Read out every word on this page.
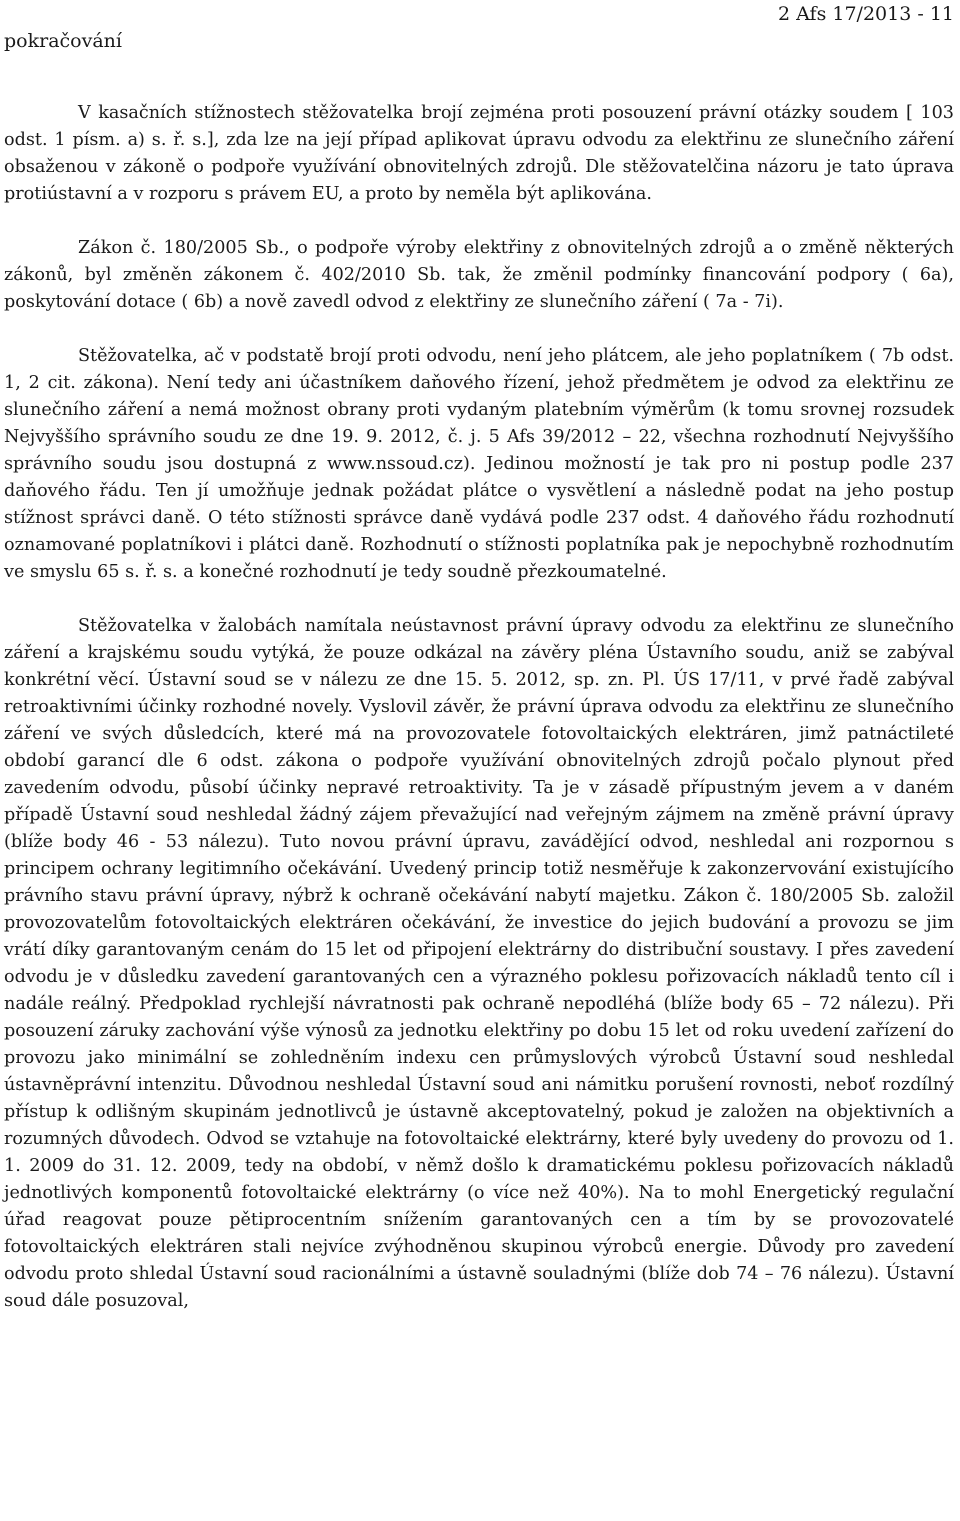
pokračování
2 Afs 17/2013 - 11

V kasačních stížnostech stěžovatelka brojí zejména proti posouzení právní otázky soudem [ 103 odst. 1 písm. a) s. ř. s.], zda lze na její případ aplikovat úpravu odvodu za elektřinu ze slunečního záření obsaženou v zákoně o podpoře využívání obnovitelných zdrojů. Dle stěžovatelčina názoru je tato úprava protiústavní a v rozporu s právem EU, a proto by neměla být aplikována.

Zákon č. 180/2005 Sb., o podpoře výroby elektřiny z obnovitelných zdrojů a o změně některých zákonů, byl změněn zákonem č. 402/2010 Sb. tak, že změnil podmínky financování podpory ( 6a), poskytování dotace ( 6b) a nově zavedl odvod z elektřiny ze slunečního záření ( 7a - 7i).

Stěžovatelka, ač v podstatě brojí proti odvodu, není jeho plátcem, ale jeho poplatníkem ( 7b odst. 1, 2 cit. zákona). Není tedy ani účastníkem daňového řízení, jehož předmětem je odvod za elektřinu ze slunečního záření a nemá možnost obrany proti vydaným platebním výměrům (k tomu srovnej rozsudek Nejvyššího správního soudu ze dne 19. 9. 2012, č. j. 5 Afs 39/2012 – 22, všechna rozhodnutí Nejvyššího správního soudu jsou dostupná z www.nssoud.cz). Jedinou možností je tak pro ni postup podle 237 daňového řádu. Ten jí umožňuje jednak požádat plátce o vysvětlení a následně podat na jeho postup stížnost správci daně. O této stížnosti správce daně vydává podle 237 odst. 4 daňového řádu rozhodnutí oznamované poplatníkovi i plátci daně. Rozhodnutí o stížnosti poplatníka pak je nepochybně rozhodnutím ve smyslu 65 s. ř. s. a konečné rozhodnutí je tedy soudně přezkoumatelné.

Stěžovatelka v žalobách namítala neústavnost právní úpravy odvodu za elektřinu ze slunečního záření a krajskému soudu vytýká, že pouze odkázal na závěry pléna Ústavního soudu, aniž se zabýval konkrétní věcí. Ústavní soud se v nálezu ze dne 15. 5. 2012, sp. zn. Pl. ÚS 17/11, v prvé řadě zabýval retroaktivními účinky rozhodné novely. Vyslovil závěr, že právní úprava odvodu za elektřinu ze slunečního záření ve svých důsledcích, které má na provozovatele fotovoltaických elektráren, jimž patnáctileté období garancí dle 6 odst. zákona o podpoře využívání obnovitelných zdrojů počalo plynout před zavedením odvodu, působí účinky nepravé retroaktivity. Ta je v zásadě přípustným jevem a v daném případě Ústavní soud neshledal žádný zájem převažující nad veřejným zájmem na změně právní úpravy (blíže body 46 - 53 nálezu). Tuto novou právní úpravu, zavádějící odvod, neshledal ani rozpornou s principem ochrany legitimního očekávání. Uvedený princip totiž nesměřuje k zakonzervování existujícího právního stavu právní úpravy, nýbrž k ochraně očekávání nabytí majetku. Zákon č. 180/2005 Sb. založil provozovatelům fotovoltaických elektráren očekávání, že investice do jejich budování a provozu se jim vrátí díky garantovaným cenám do 15 let od připojení elektrárny do distribuční soustavy. I přes zavedení odvodu je v důsledku zavedení garantovaných cen a výrazného poklesu pořizovacích nákladů tento cíl i nadále reálný. Předpoklad rychlejší návratnosti pak ochraně nepodléhá (blíže body 65 – 72 nálezu). Při posouzení záruky zachování výše výnosů za jednotku elektřiny po dobu 15 let od roku uvedení zařízení do provozu jako minimální se zohledněním indexu cen průmyslových výrobců Ústavní soud neshledal ústavněprávní intenzitu. Důvodnou neshledal Ústavní soud ani námitku porušení rovnosti, neboť rozdílný přístup k odlišným skupinám jednotlivců je ústavně akceptovatelný, pokud je založen na objektivních a rozumných důvodech. Odvod se vztahuje na fotovoltaické elektrárny, které byly uvedeny do provozu od 1. 1. 2009 do 31. 12. 2009, tedy na období, v němž došlo k dramatickému poklesu pořizovacích nákladů jednotlivých komponentů fotovoltaické elektrárny (o více než 40%). Na to mohl Energetický regulační úřad reagovat pouze pětiprocentním snížením garantovaných cen a tím by se provozovatelé fotovoltaických elektráren stali nejvíce zvýhodněnou skupinou výrobců energie. Důvody pro zavedení odvodu proto shledal Ústavní soud racionálními a ústavně souladnými (blíže dob 74 – 76 nálezu). Ústavní soud dále posuzoval,
